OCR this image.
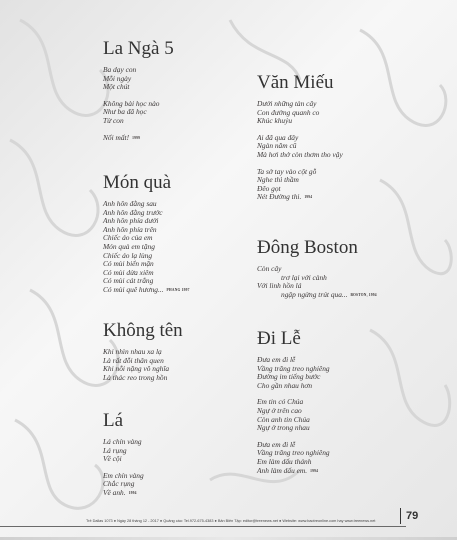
La Ngà 5
Ba dạy con
Mỗi ngày
Một chút
Không bài học nào
Như ba đã học
Từ con
Nổi mất! 1999
Món quà
Anh hôn đằng sau
Anh hôn đằng trước
Anh hôn phía dưới
Anh hôn phía trên
Chiếc áo của em
Món quà em tặng
Chiếc áo lạ lùng
Có mùi biển mặn
Có mùi dừa xiêm
Có mùi cát trắng
Có mùi quê hương... PHANG 1997
Không tên
Khi nhìn nhau xa lạ
Là rất đỗi thân quen
Khi nỗi nặng vô nghĩa
Là thác reo trong hồn
Lá
Lá chín vàng
Lá rụng
Về cội
Em chín vàng
Chắc rụng
Về anh. 1994
Văn Miếu
Dưới những tàn cây
Con đường quanh co
Khúc khuỷu
Ai đã qua đây
Ngàn năm cũ
Mà hơi thở còn thơm tho vậy
Ta sờ tay vào cột gỗ
Nghe thì thầm
Đẽo gọt
Nét Đường thi. 1994
Đông Boston
Còn cây
trơ lại với cành
Với linh hồn lá
ngập ngừng trút qua... BOSTON, 1994
Đi Lễ
Đưa em đi lễ
Vầng trăng treo nghiêng
Đường im tiếng bước
Cho gần nhau hơn
Em tin có Chúa
Ngự ở trên cao
Còn anh tin Chúa
Ngự ở trong nhau
Đưa em đi lễ
Vầng trăng treo nghiêng
Em làm dấu thánh
Anh làm dấu em. 1994
Trẻ Dallas 1073 ● Ngày 28 tháng 12 - 2017 ● Quảng cáo: Tel.972-675-4383 ● Bản Biên Tập: editor@treenews.net ● Website: www.baotreonline.com hay www.treenews.net	79
